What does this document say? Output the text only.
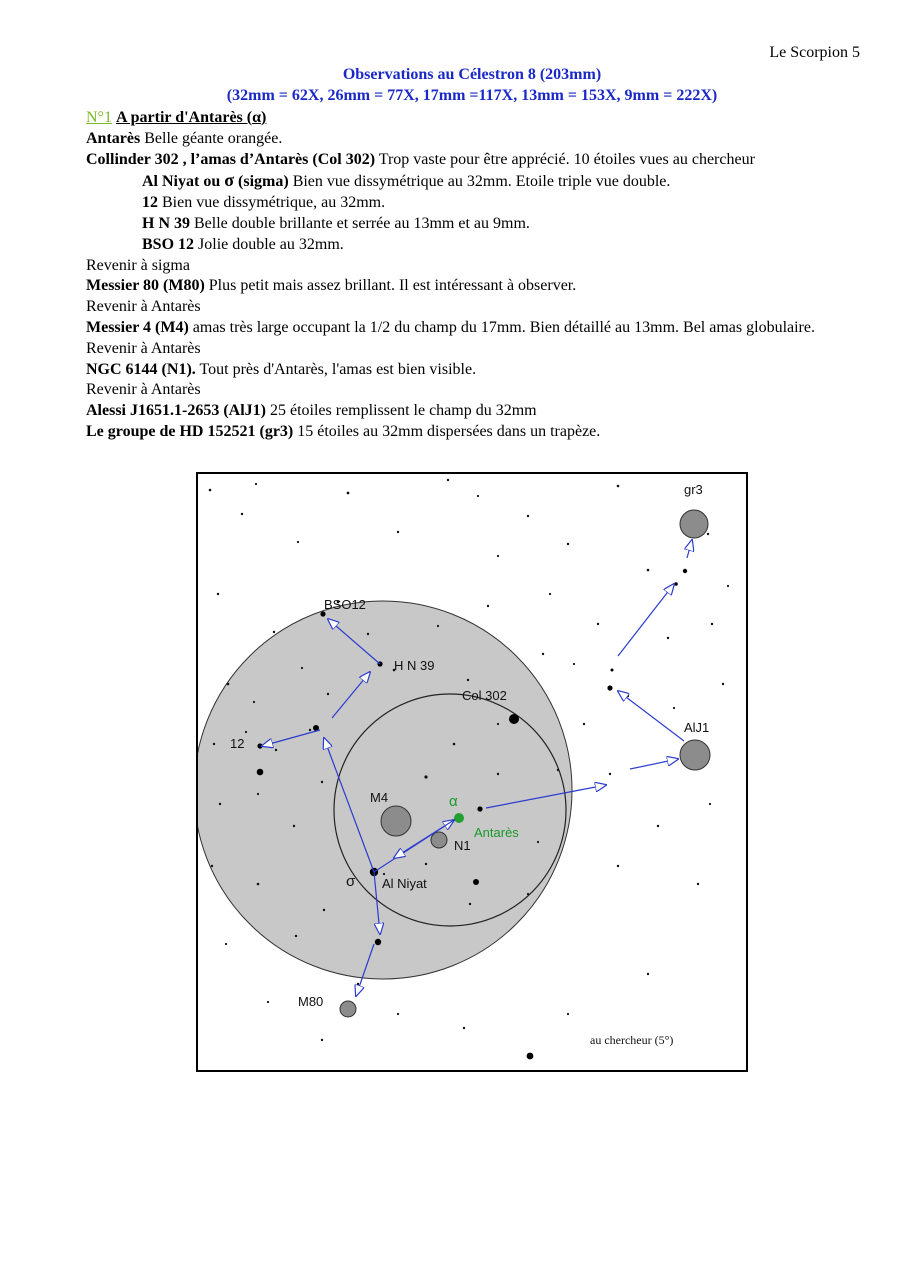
Le Scorpion 5
Observations au Célestron 8 (203mm)
(32mm = 62X, 26mm = 77X, 17mm =117X, 13mm = 153X, 9mm = 222X)
N°1 A partir d'Antarès (α)
Antarès Belle géante orangée.
Collinder 302 , l’amas d’Antarès (Col 302) Trop vaste pour être apprécié. 10 étoiles vues au chercheur
Al Niyat ou σ (sigma) Bien vue dissymétrique au 32mm. Etoile triple vue double.
12 Bien vue dissymétrique, au 32mm.
H N 39 Belle double brillante et serrée au 13mm et au 9mm.
BSO 12 Jolie double au 32mm.
Revenir à sigma
Messier 80 (M80) Plus petit mais assez brillant. Il est intéressant à observer.
Revenir à Antarès
Messier 4 (M4) amas très large occupant la 1/2 du champ du 17mm. Bien détaillé au 13mm. Bel amas globulaire.
Revenir à Antarès
NGC 6144 (N1). Tout près d'Antarès, l'amas est bien visible.
Revenir à Antarès
Alessi J1651.1-2653 (AlJ1) 25 étoiles remplissent le champ du 32mm
Le groupe de HD 152521 (gr3) 15 étoiles au 32mm dispersées dans un trapèze.
gr3
BSO12
H N 39
Col 302
12
AlJ1
M4	α
Antarès
N1
σ Al Niyat
M80
au chercheur (5°)
